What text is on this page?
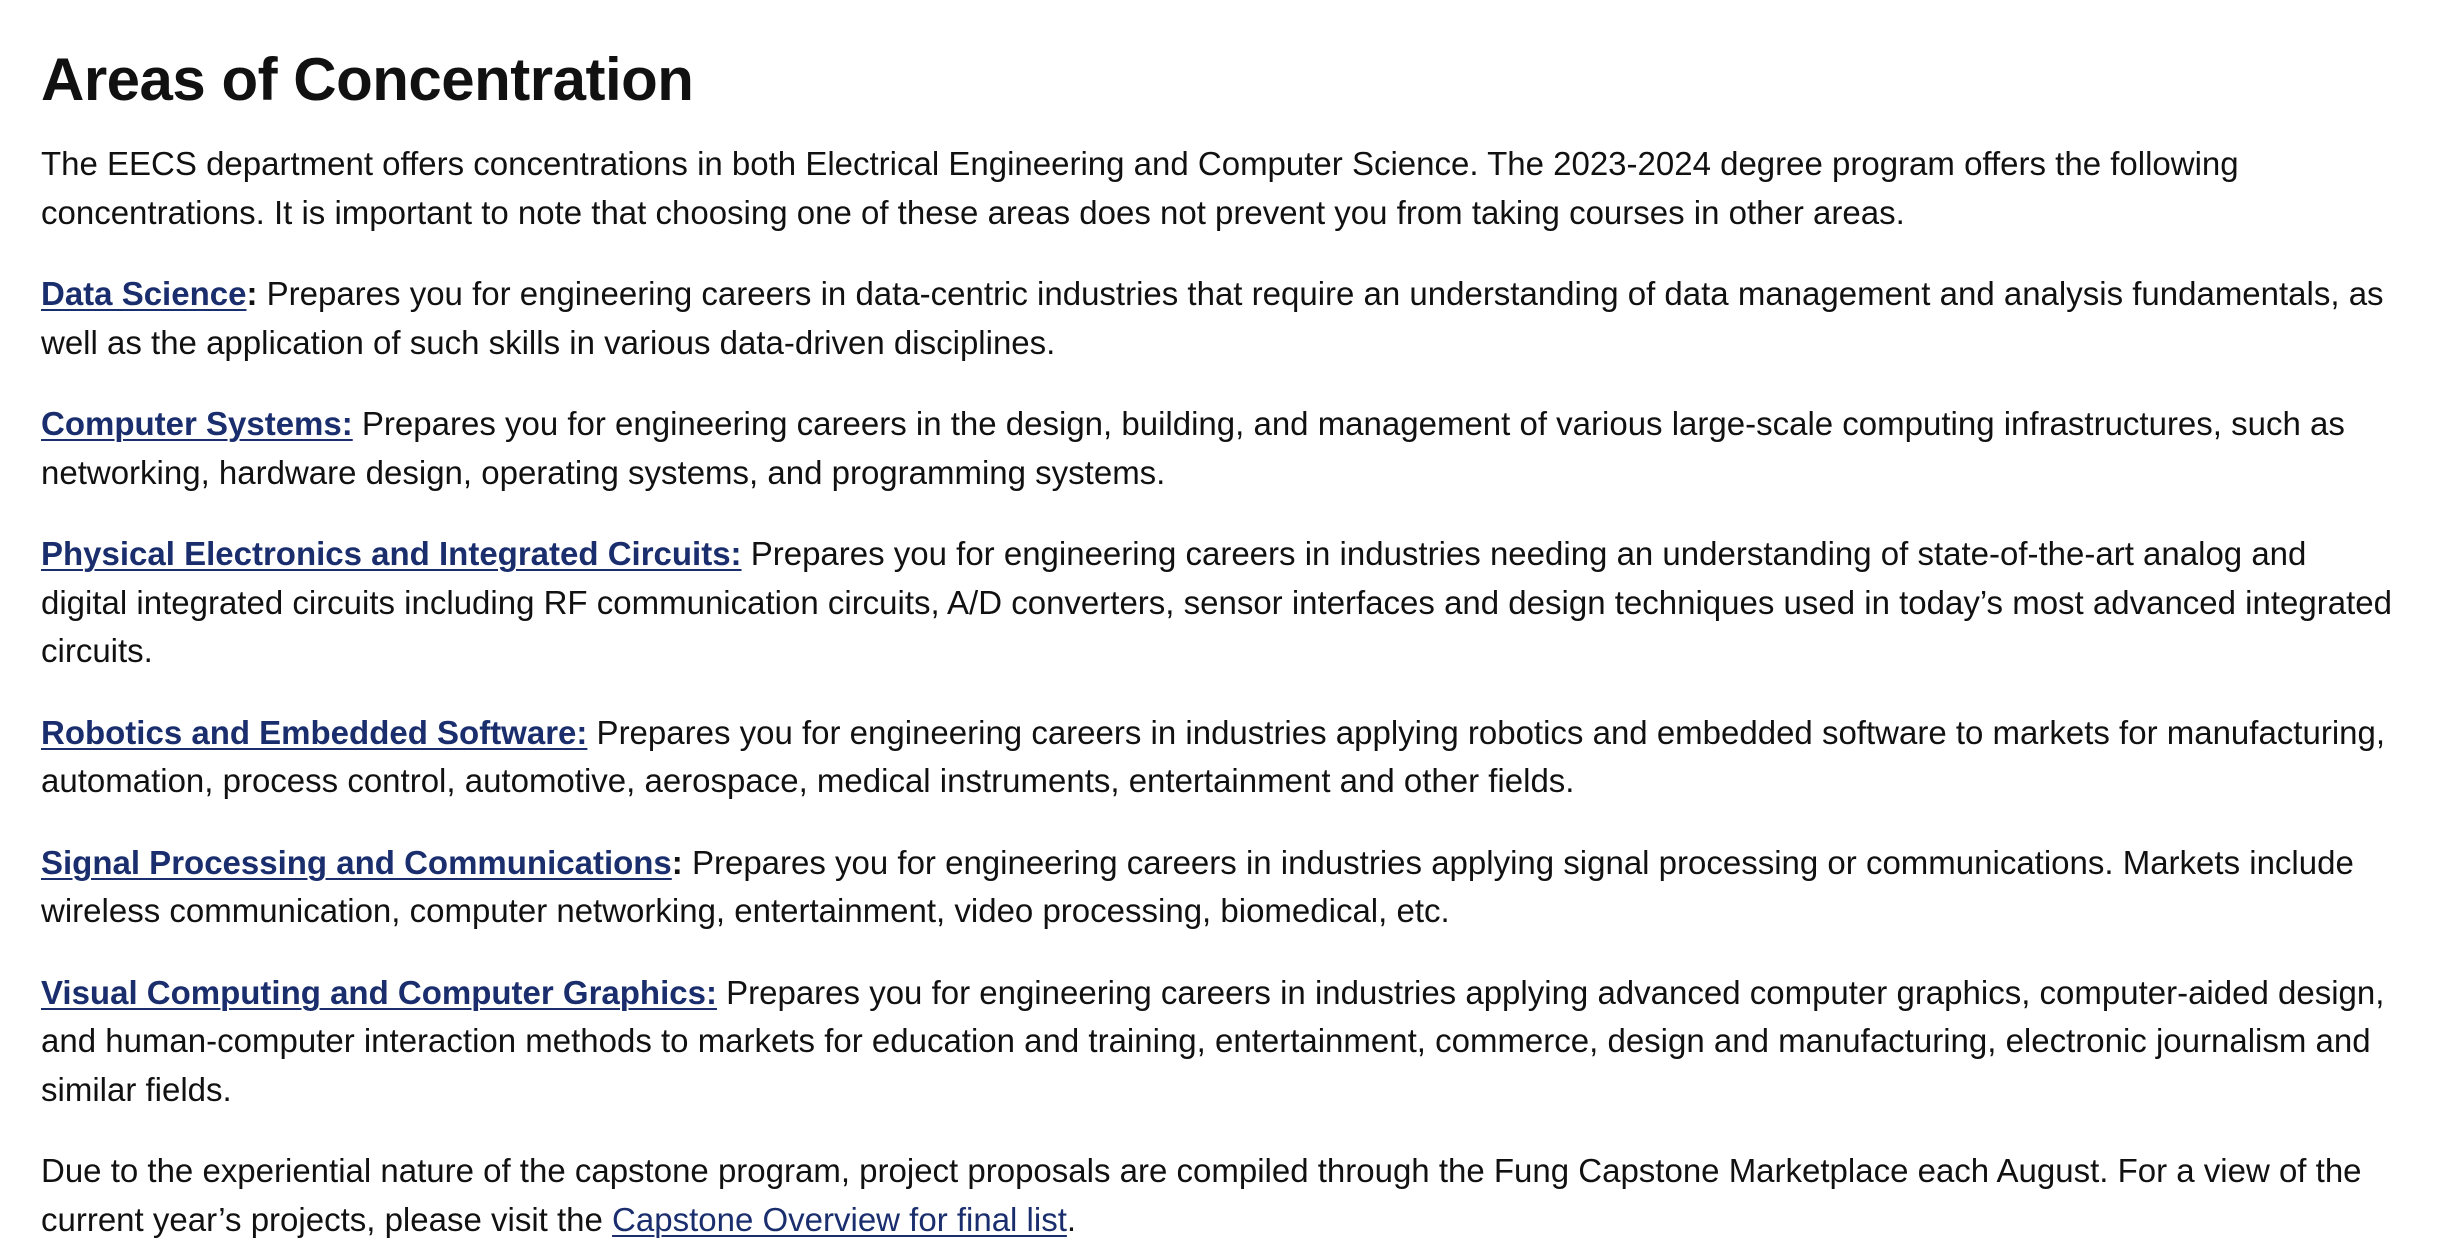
Areas of Concentration

The EECS department offers concentrations in both Electrical Engineering and Computer Science. The 2023-2024 degree program offers the following concentrations. It is important to note that choosing one of these areas does not prevent you from taking courses in other areas.

Data Science: Prepares you for engineering careers in data-centric industries that require an understanding of data management and analysis fundamentals, as well as the application of such skills in various data-driven disciplines.

Computer Systems: Prepares you for engineering careers in the design, building, and management of various large-scale computing infrastructures, such as networking, hardware design, operating systems, and programming systems.

Physical Electronics and Integrated Circuits: Prepares you for engineering careers in industries needing an understanding of state-of-the-art analog and digital integrated circuits including RF communication circuits, A/D converters, sensor interfaces and design techniques used in today’s most advanced integrated circuits.

Robotics and Embedded Software: Prepares you for engineering careers in industries applying robotics and embedded software to markets for manufacturing, automation, process control, automotive, aerospace, medical instruments, entertainment and other fields.

Signal Processing and Communications: Prepares you for engineering careers in industries applying signal processing or communications. Markets include wireless communication, computer networking, entertainment, video processing, biomedical, etc.

Visual Computing and Computer Graphics: Prepares you for engineering careers in industries applying advanced computer graphics, computer-aided design, and human-computer interaction methods to markets for education and training, entertainment, commerce, design and manufacturing, electronic journalism and similar fields.

Due to the experiential nature of the capstone program, project proposals are compiled through the Fung Capstone Marketplace each August. For a view of the current year’s projects, please visit the Capstone Overview for final list.
